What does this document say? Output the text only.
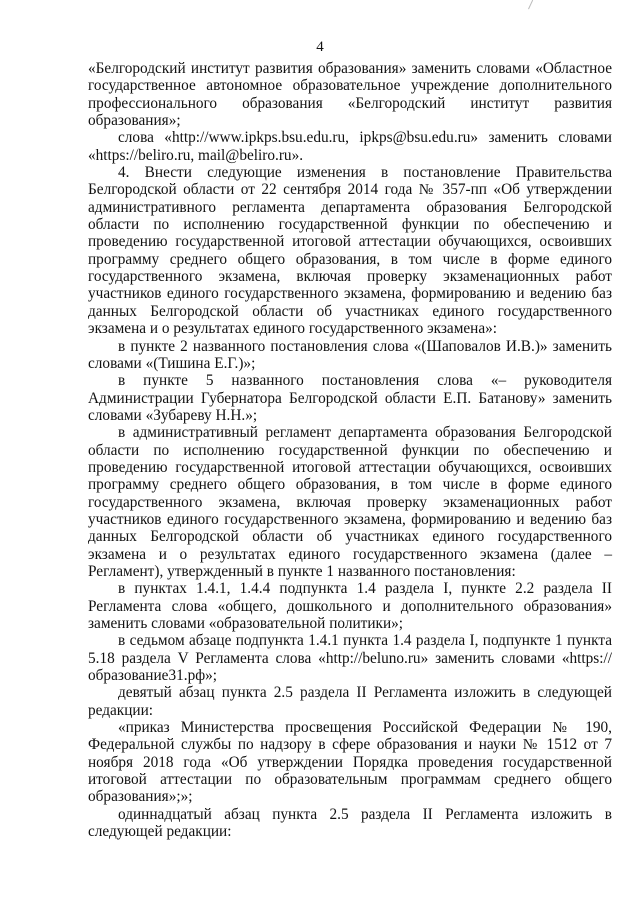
4

«Белгородский институт развития образования» заменить словами «Областное государственное автономное образовательное учреждение дополнительного профессионального образования «Белгородский институт развития образования»;

слова «http://www.ipkps.bsu.edu.ru, ipkps@bsu.edu.ru» заменить словами «https://beliro.ru, mail@beliro.ru».

4. Внести следующие изменения в постановление Правительства Белгородской области от 22 сентября 2014 года № 357-пп «Об утверждении административного регламента департамента образования Белгородской области по исполнению государственной функции по обеспечению и проведению государственной итоговой аттестации обучающихся, освоивших программу среднего общего образования, в том числе в форме единого государственного экзамена, включая проверку экзаменационных работ участников единого государственного экзамена, формированию и ведению баз данных Белгородской области об участниках единого государственного экзамена и о результатах единого государственного экзамена»:

в пункте 2 названного постановления слова «(Шаповалов И.В.)» заменить словами «(Тишина Е.Г.)»;

в пункте 5 названного постановления слова «– руководителя Администрации Губернатора Белгородской области Е.П. Батанову» заменить словами «Зубареву Н.Н.»;

в административный регламент департамента образования Белгородской области по исполнению государственной функции по обеспечению и проведению государственной итоговой аттестации обучающихся, освоивших программу среднего общего образования, в том числе в форме единого государственного экзамена, включая проверку экзаменационных работ участников единого государственного экзамена, формированию и ведению баз данных Белгородской области об участниках единого государственного экзамена и о результатах единого государственного экзамена (далее – Регламент), утвержденный в пункте 1 названного постановления:

в пунктах 1.4.1, 1.4.4 подпункта 1.4 раздела I, пункте 2.2 раздела II Регламента слова «общего, дошкольного и дополнительного образования» заменить словами «образовательной политики»;

в седьмом абзаце подпункта 1.4.1 пункта 1.4 раздела I, подпункте 1 пункта 5.18 раздела V Регламента слова «http://beluno.ru» заменить словами «https://образование31.рф»;

девятый абзац пункта 2.5 раздела II Регламента изложить в следующей редакции:

«приказ Министерства просвещения Российской Федерации № 190, Федеральной службы по надзору в сфере образования и науки № 1512 от 7 ноября 2018 года «Об утверждении Порядка проведения государственной итоговой аттестации по образовательным программам среднего общего образования»;»;

одиннадцатый абзац пункта 2.5 раздела II Регламента изложить в следующей редакции:
